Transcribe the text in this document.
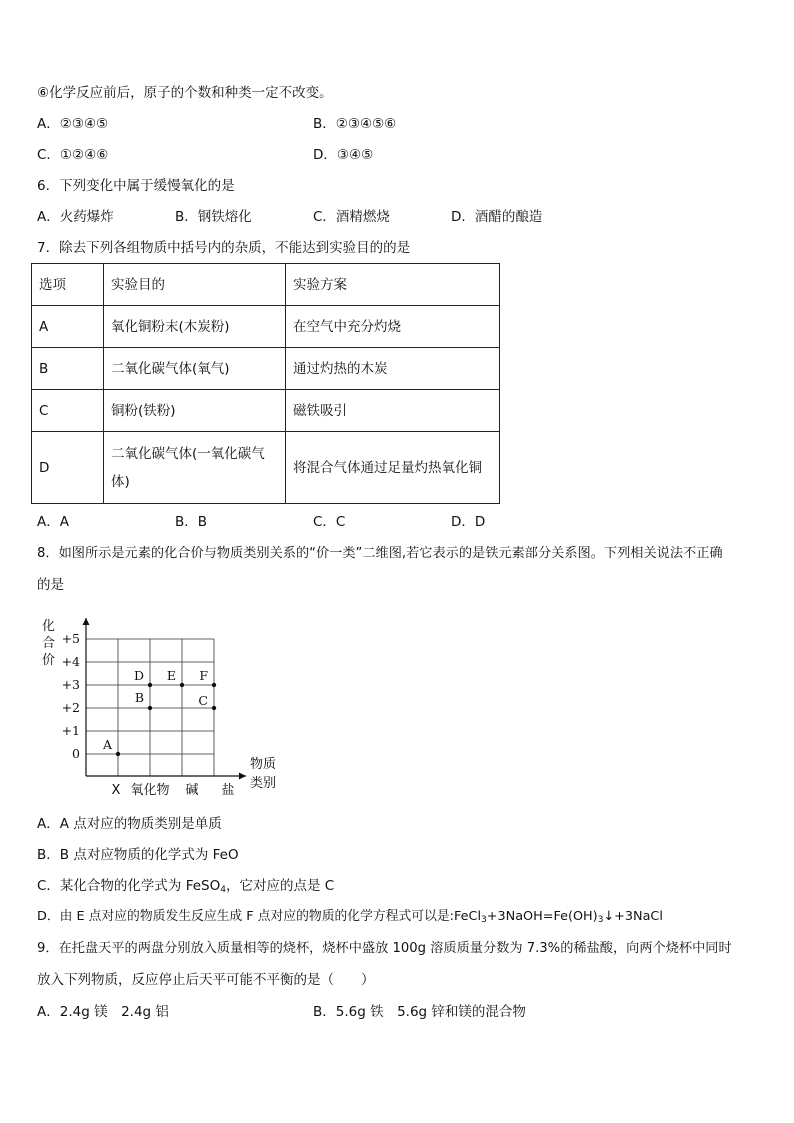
⑥化学反应前后，原子的个数和种类一定不改变。
A．②③④⑤	B．②③④⑤⑥
C．①②④⑥	D．③④⑤
6．下列变化中属于缓慢氧化的是
A．火药爆炸	B．钢铁熔化	C．酒精燃烧	D．酒醋的酿造
7．除去下列各组物质中括号内的杂质，不能达到实验目的的是
选项	实验目的	实验方案
A	氧化铜粉末(木炭粉)	在空气中充分灼烧
B	二氧化碳气体(氧气)	通过灼热的木炭
C	铜粉(铁粉)	磁铁吸引
D	二氧化碳气体(一氧化碳气
体)	将混合气体通过足量灼热氧化铜
A．A	B．B	C．C	D．D
8．如图所示是元素的化合价与物质类别关系的“价一类”二维图,若它表示的是铁元素部分关系图。下列相关说法不正确
的是
化
合
价
+5
+4
+3
+2
+1
0
X 氧化物 碱 盐
物质
类别
A
B
D E F
C
A．A 点对应的物质类别是单质
B．B 点对应物质的化学式为 FeO
C．某化合物的化学式为 FeSO$_4$，它对应的点是 C
D．由 E 点对应的物质发生反应生成 F 点对应的物质的化学方程式可以是$:FeCl_3+3NaOH=Fe(OH)_3↓+3NaCl$
9．在托盘天平的两盘分别放入质量相等的烧杯，烧杯中盛放 100g 溶质质量分数为 7.3%的稀盐酸，向两个烧杯中同时
放入下列物质，反应停止后天平可能不平衡的是（　　）
A．2.4g 镁　2.4g 铝	B．5.6g 铁　5.6g 锌和镁的混合物
